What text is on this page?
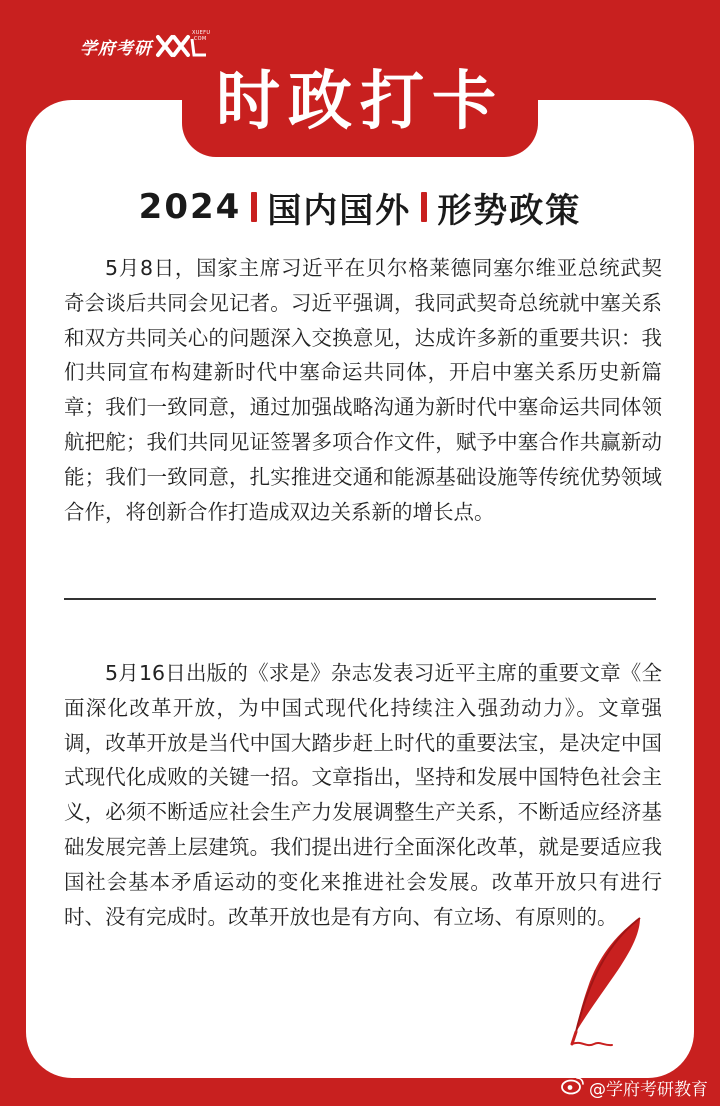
学府考研
XUEFU .COM
时政打卡
2024 国内国外 形势政策

5月8日，国家主席习近平在贝尔格莱德同塞尔维亚总统武契奇会谈后共同会见记者。习近平强调，我同武契奇总统就中塞关系和双方共同关心的问题深入交换意见，达成许多新的重要共识：我们共同宣布构建新时代中塞命运共同体，开启中塞关系历史新篇章；我们一致同意，通过加强战略沟通为新时代中塞命运共同体领航把舵；我们共同见证签署多项合作文件，赋予中塞合作共赢新动能；我们一致同意，扎实推进交通和能源基础设施等传统优势领域合作，将创新合作打造成双边关系新的增长点。

5月16日出版的《求是》杂志发表习近平主席的重要文章《全面深化改革开放，为中国式现代化持续注入强劲动力》。文章强调，改革开放是当代中国大踏步赶上时代的重要法宝，是决定中国式现代化成败的关键一招。文章指出，坚持和发展中国特色社会主义，必须不断适应社会生产力发展调整生产关系，不断适应经济基础发展完善上层建筑。我们提出进行全面深化改革，就是要适应我国社会基本矛盾运动的变化来推进社会发展。改革开放只有进行时、没有完成时。改革开放也是有方向、有立场、有原则的。

@学府考研教育
